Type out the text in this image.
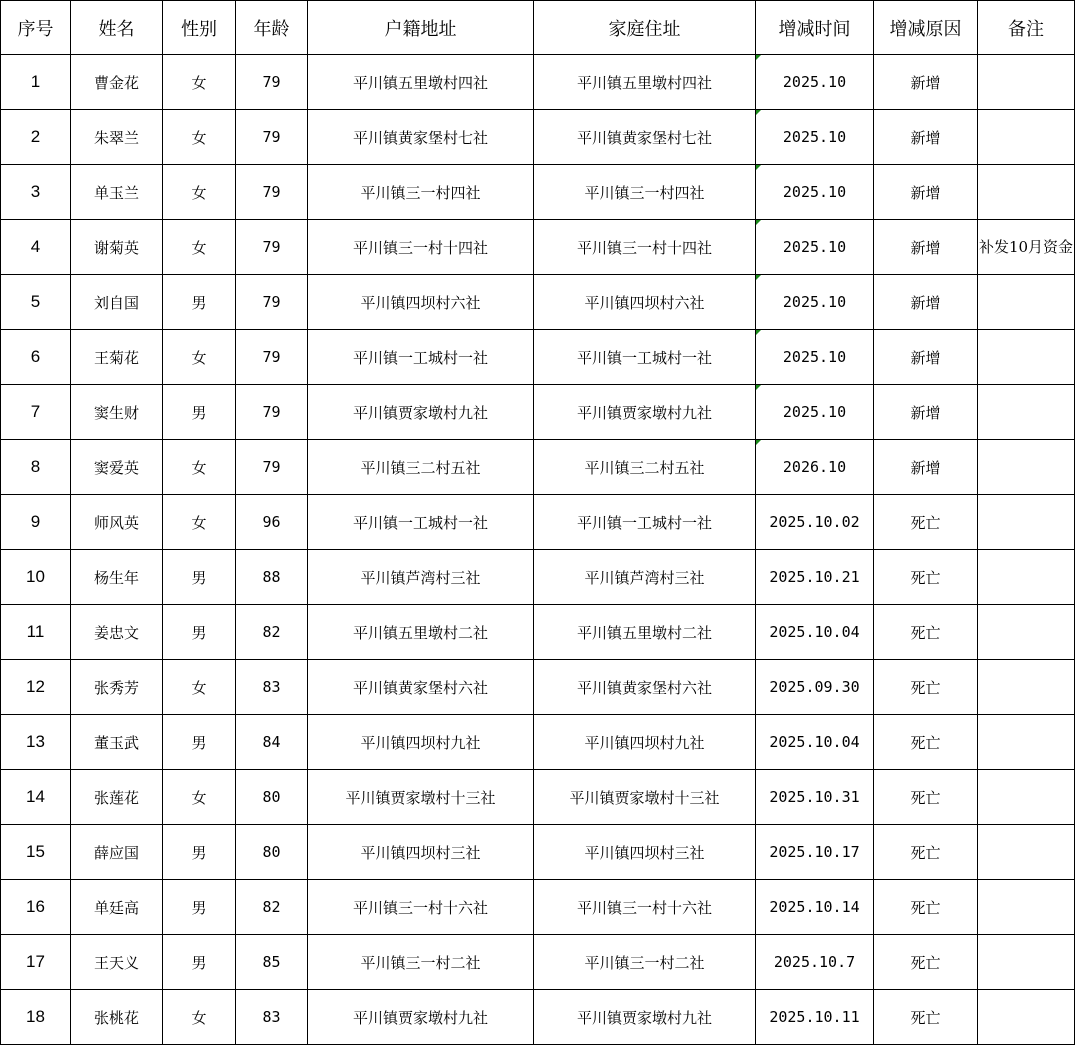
序号	姓名	性别	年龄	户籍地址	家庭住址	增减时间	增减原因	备注
1	曹金花	女	79	平川镇五里墩村四社	平川镇五里墩村四社	2025.10	新增	
2	朱翠兰	女	79	平川镇黄家堡村七社	平川镇黄家堡村七社	2025.10	新增	
3	单玉兰	女	79	平川镇三一村四社	平川镇三一村四社	2025.10	新增	
4	谢菊英	女	79	平川镇三一村十四社	平川镇三一村十四社	2025.10	新增	补发10月资金
5	刘自国	男	79	平川镇四坝村六社	平川镇四坝村六社	2025.10	新增	
6	王菊花	女	79	平川镇一工城村一社	平川镇一工城村一社	2025.10	新增	
7	窦生财	男	79	平川镇贾家墩村九社	平川镇贾家墩村九社	2025.10	新增	
8	窦爱英	女	79	平川镇三二村五社	平川镇三二村五社	2026.10	新增	
9	师风英	女	96	平川镇一工城村一社	平川镇一工城村一社	2025.10.02	死亡	
10	杨生年	男	88	平川镇芦湾村三社	平川镇芦湾村三社	2025.10.21	死亡	
11	姜忠文	男	82	平川镇五里墩村二社	平川镇五里墩村二社	2025.10.04	死亡	
12	张秀芳	女	83	平川镇黄家堡村六社	平川镇黄家堡村六社	2025.09.30	死亡	
13	董玉武	男	84	平川镇四坝村九社	平川镇四坝村九社	2025.10.04	死亡	
14	张莲花	女	80	平川镇贾家墩村十三社	平川镇贾家墩村十三社	2025.10.31	死亡	
15	薛应国	男	80	平川镇四坝村三社	平川镇四坝村三社	2025.10.17	死亡	
16	单廷高	男	82	平川镇三一村十六社	平川镇三一村十六社	2025.10.14	死亡	
17	王天义	男	85	平川镇三一村二社	平川镇三一村二社	2025.10.7	死亡	
18	张桃花	女	83	平川镇贾家墩村九社	平川镇贾家墩村九社	2025.10.11	死亡	
